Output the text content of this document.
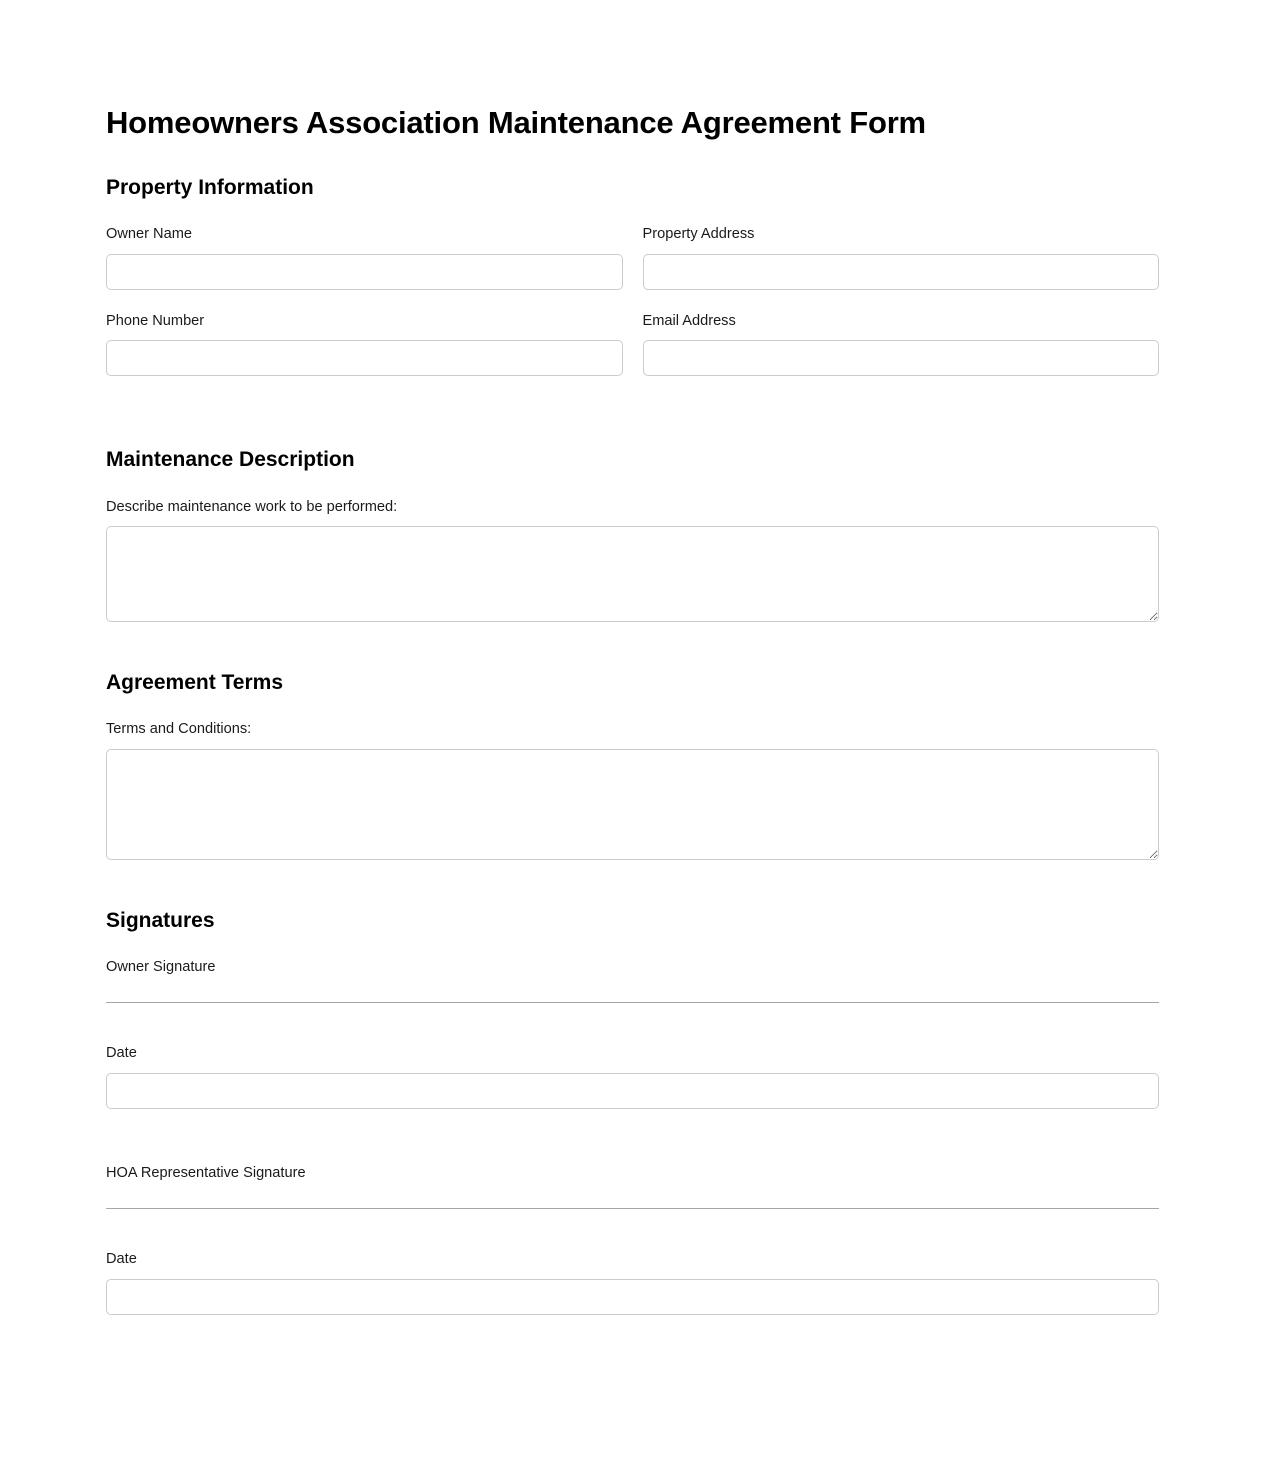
Homeowners Association Maintenance Agreement Form
Property Information
Owner Name	Property Address
Phone Number	Email Address
Maintenance Description
Describe maintenance work to be performed:
Agreement Terms
Terms and Conditions:
Signatures
Owner Signature
Date
HOA Representative Signature
Date
